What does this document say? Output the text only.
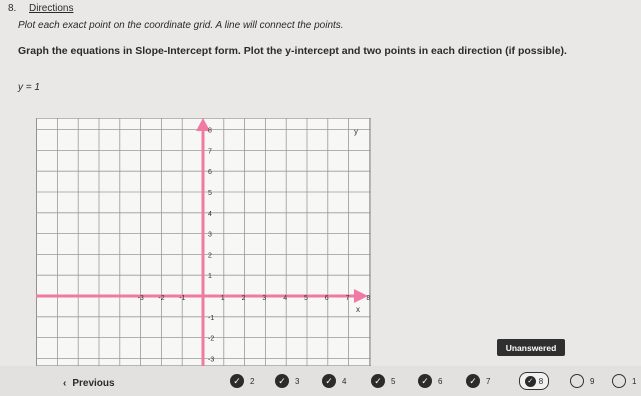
8. Directions
Plot each exact point on the coordinate grid. A line will connect the points.
Graph the equations in Slope-Intercept form. Plot the y-intercept and two points in each direction (if possible).
y = 1
y
x
-3 -2 -1	1 2 3 4 5 6 7 8
8
7
6
5
4
3
2
1
-1
-2
-3
Unanswered
‹ Previous	✓	2	✓	3	✓	4	✓	5	✓	6	✓	7	✓ 8	9	1
